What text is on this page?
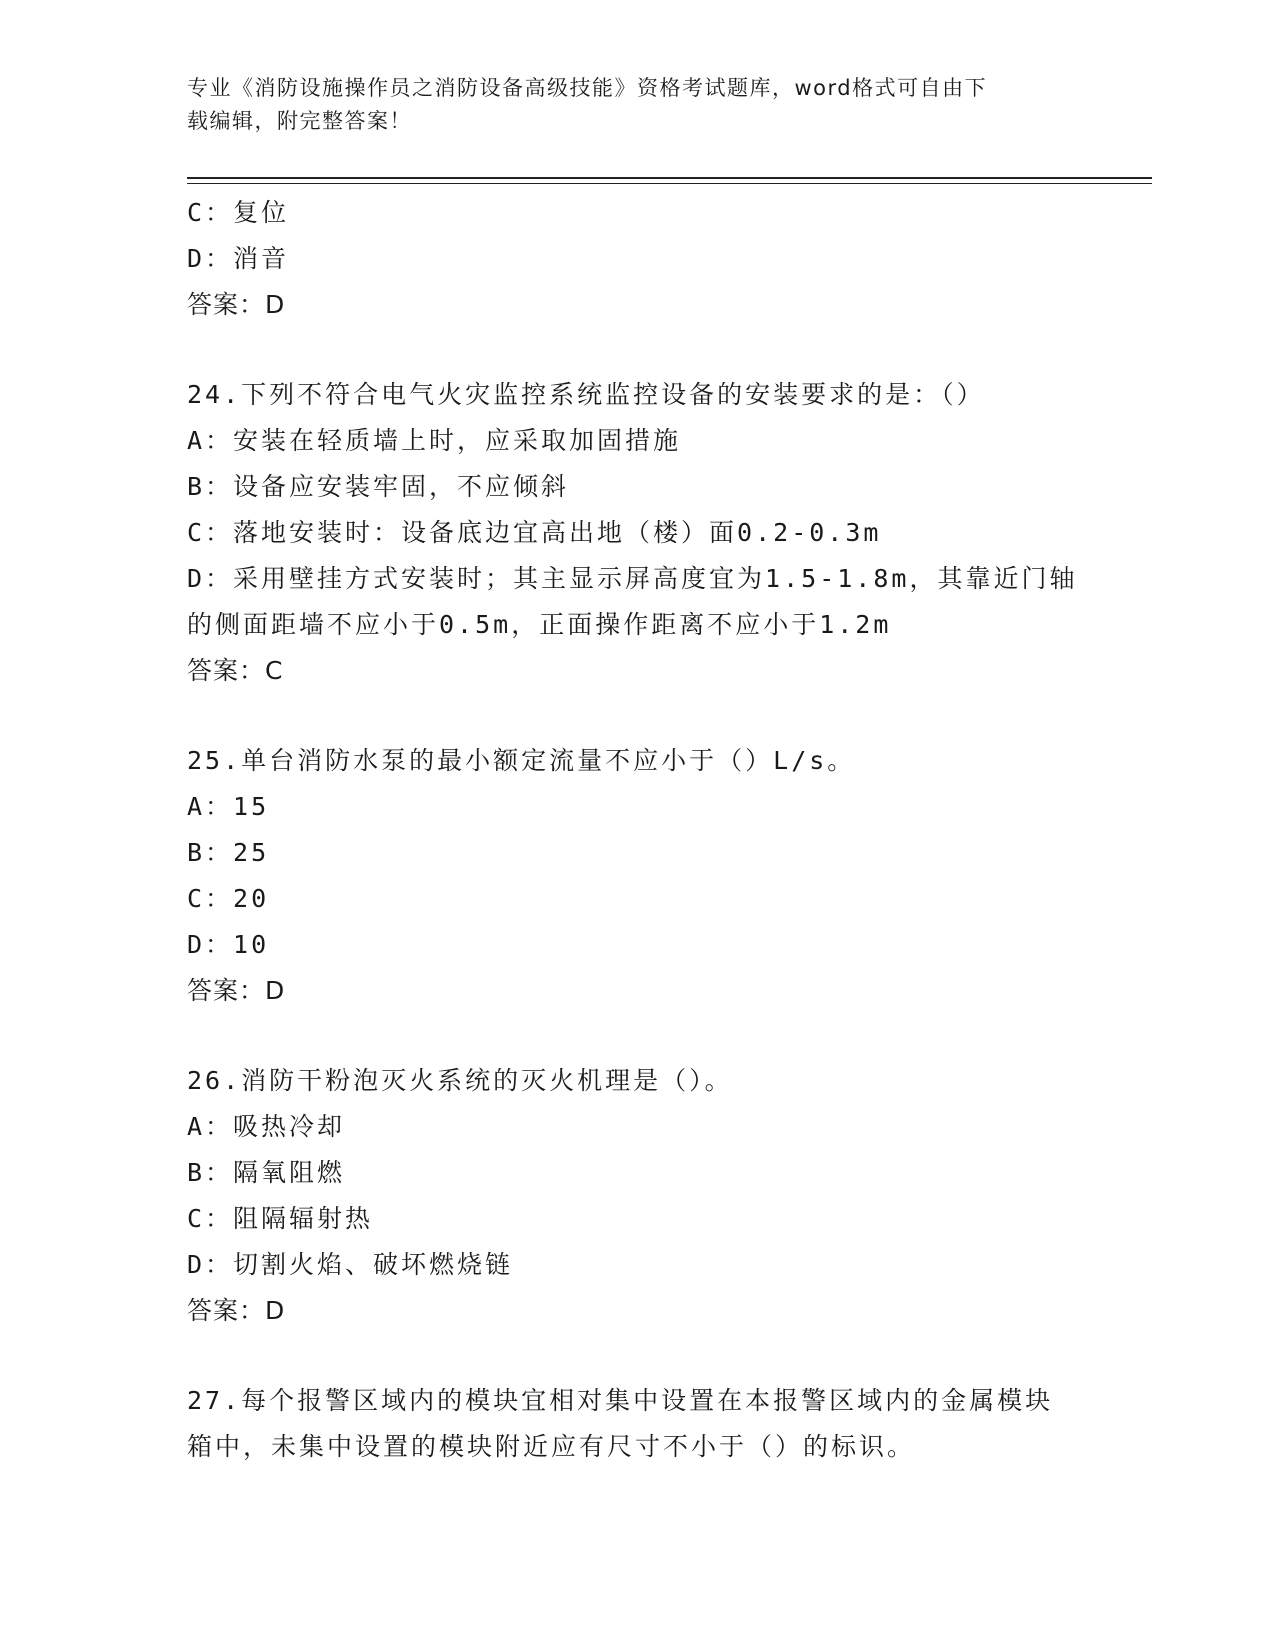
专业《消防设施操作员之消防设备高级技能》资格考试题库，word格式可自由下
载编辑，附完整答案！
C：复位
D：消音
答案：D
24.下列不符合电气火灾监控系统监控设备的安装要求的是：（）
A：安装在轻质墙上时，应采取加固措施
B：设备应安装牢固，不应倾斜
C：落地安装时：设备底边宜高出地（楼）面0.2-0.3m
D：采用壁挂方式安装时；其主显示屏高度宜为1.5-1.8m，其靠近门轴
的侧面距墙不应小于0.5m，正面操作距离不应小于1.2m
答案：C
25.单台消防水泵的最小额定流量不应小于（）L/s。
A：15
B：25
C：20
D：10
答案：D
26.消防干粉泡灭火系统的灭火机理是（）。
A：吸热冷却
B：隔氧阻燃
C：阻隔辐射热
D：切割火焰、破坏燃烧链
答案：D
27.每个报警区域内的模块宜相对集中设置在本报警区域内的金属模块
箱中，未集中设置的模块附近应有尺寸不小于（）的标识。
